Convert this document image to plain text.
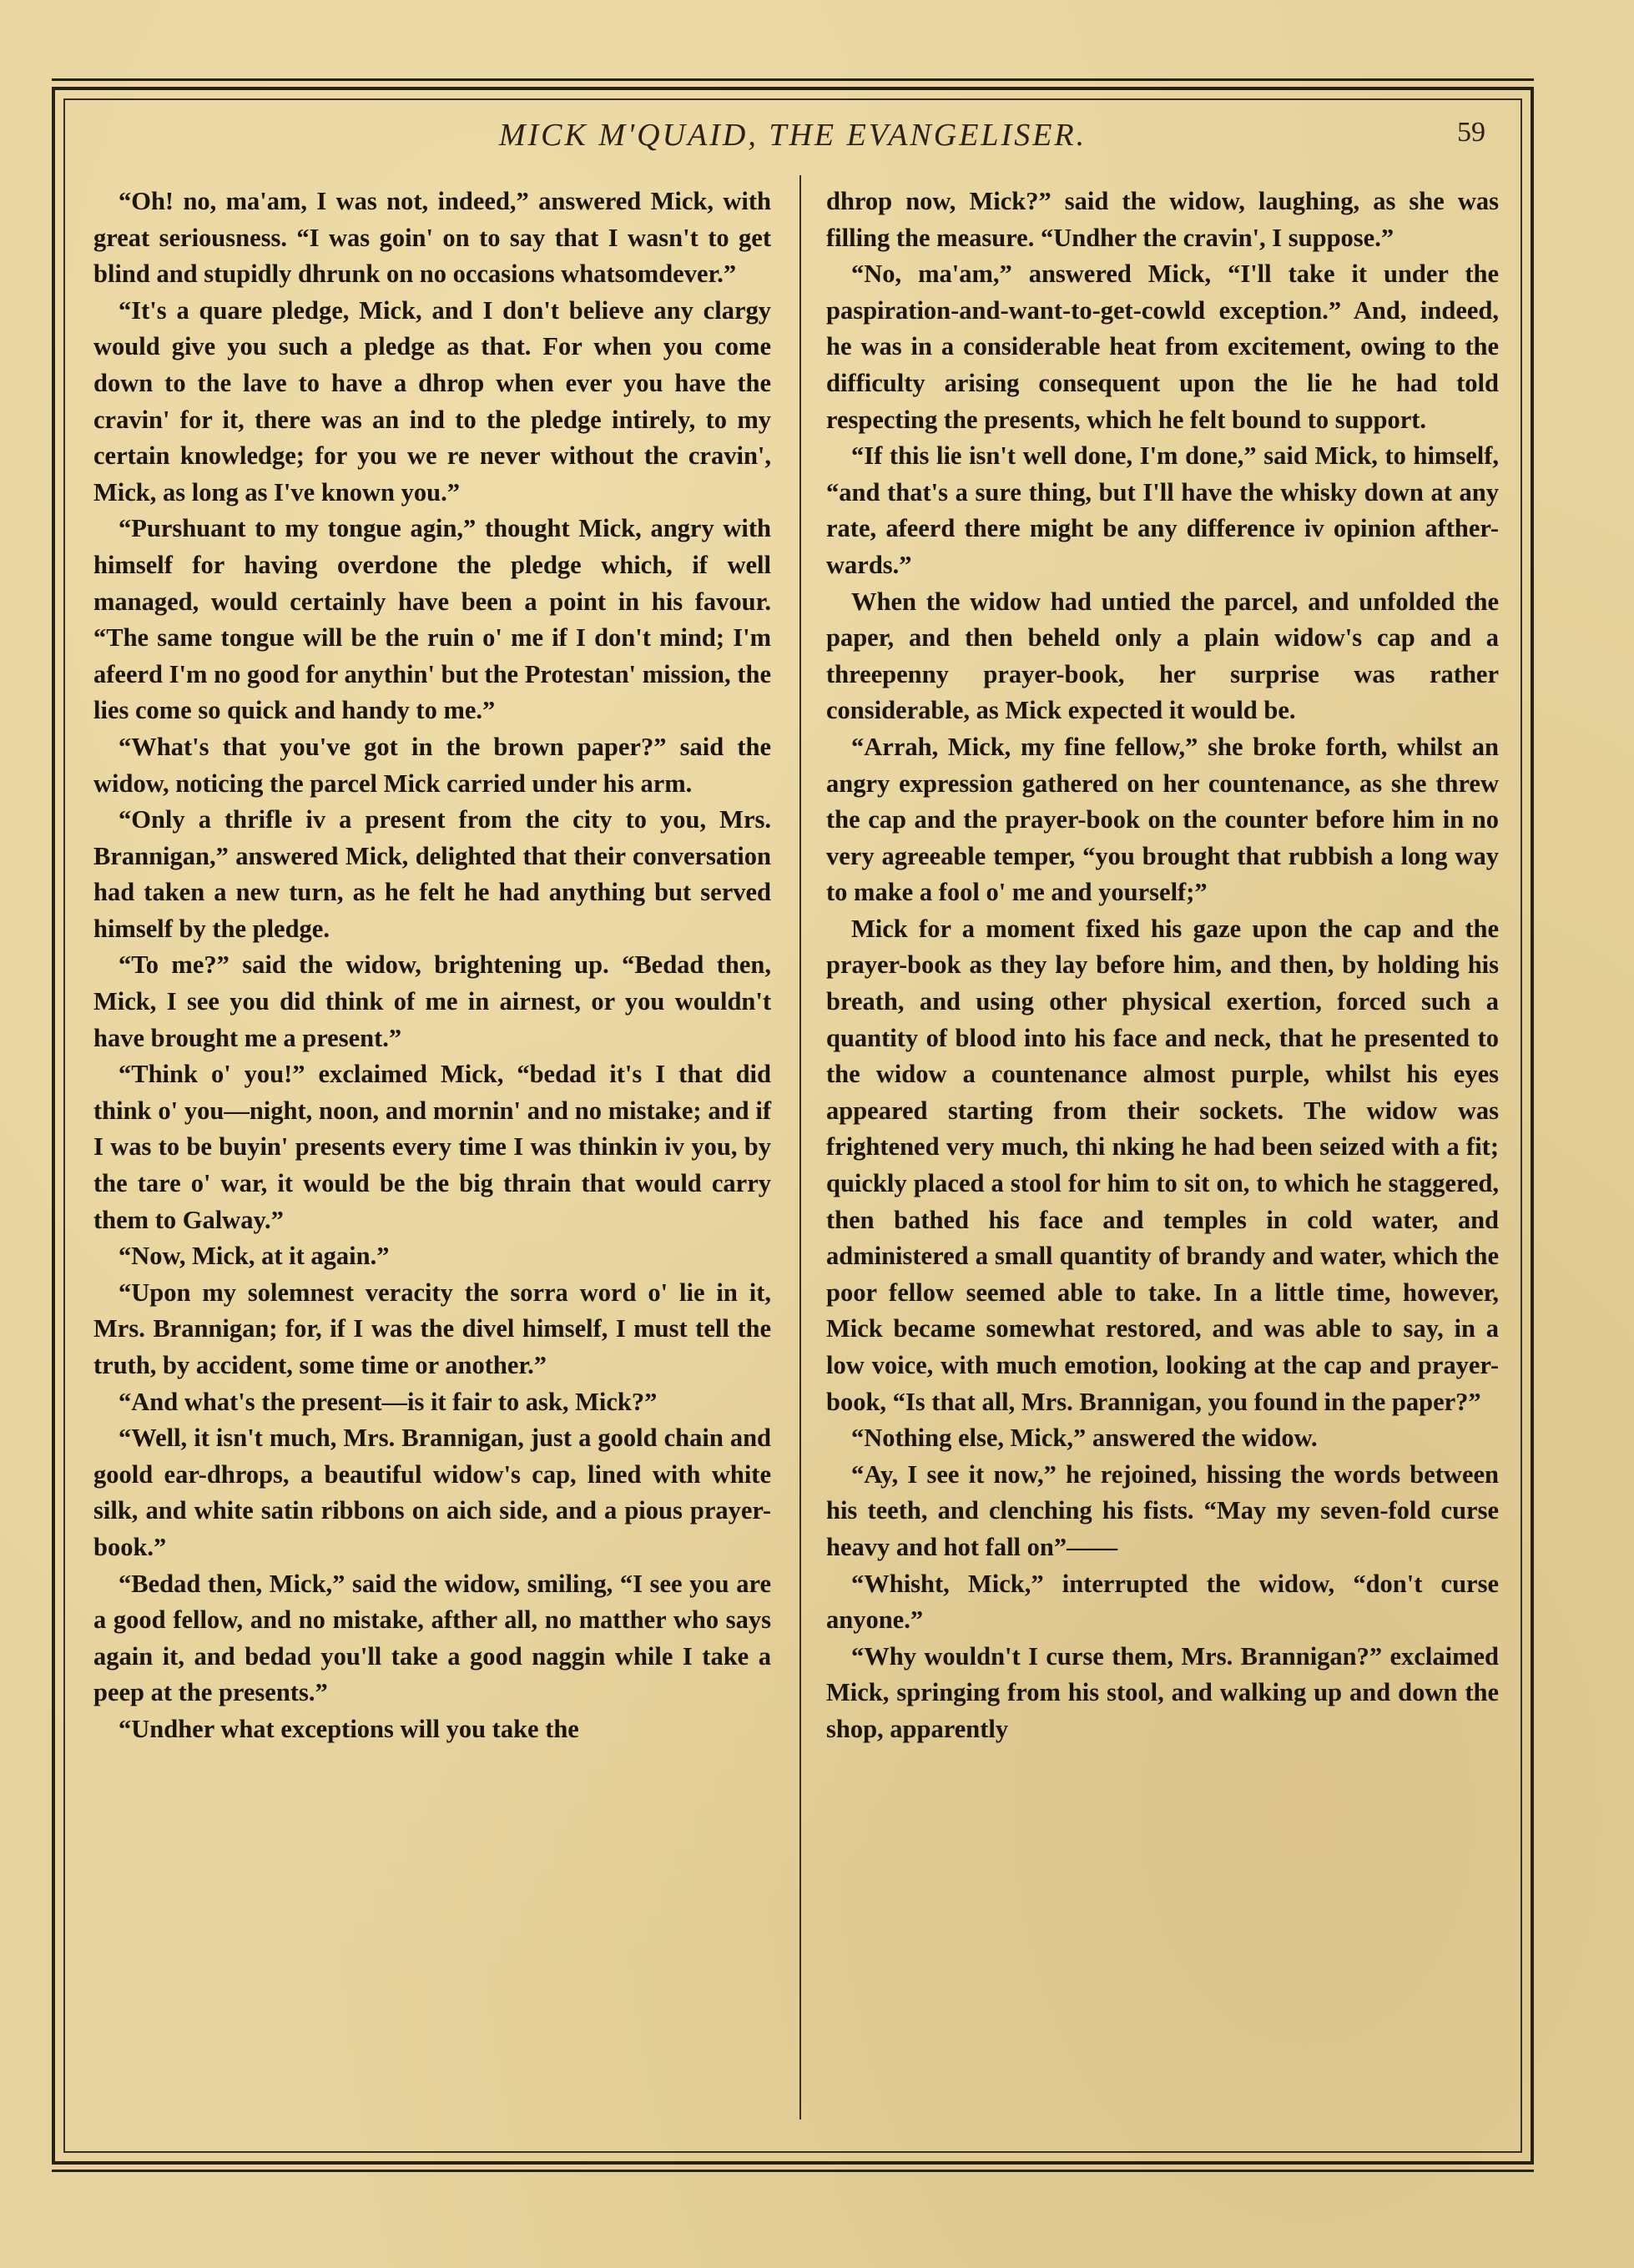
MICK M'QUAID, THE EVANGELISER.	59

“Oh! no, ma'am, I was not, indeed,” answered Mick, with great seriousness. “I was goin' on to say that I wasn't to get blind and stupidly dhrunk on no occasions whatsomdever.”

“It's a quare pledge, Mick, and I don't believe any clargy would give you such a pledge as that. For when you come down to the lave to have a dhrop when ever you have the cravin' for it, there was an ind to the pledge intirely, to my certain knowledge; for you we re never without the cravin', Mick, as long as I've known you.”

“Purshuant to my tongue agin,” thought Mick, angry with himself for having overdone the pledge which, if well managed, would certainly have been a point in his favour. “The same tongue will be the ruin o' me if I don't mind; I'm afeerd I'm no good for anythin' but the Protestan' mission, the lies come so quick and handy to me.”

“What's that you've got in the brown paper?” said the widow, noticing the parcel Mick carried under his arm.

“Only a thrifle iv a present from the city to you, Mrs. Brannigan,” answered Mick, delighted that their conversation had taken a new turn, as he felt he had anything but served himself by the pledge.

“To me?” said the widow, brightening up. “Bedad then, Mick, I see you did think of me in airnest, or you wouldn't have brought me a present.”

“Think o' you!” exclaimed Mick, “bedad it's I that did think o' you—night, noon, and mornin' and no mistake; and if I was to be buyin' presents every time I was thinkin iv you, by the tare o' war, it would be the big thrain that would carry them to Galway.”

“Now, Mick, at it again.”

“Upon my solemnest veracity the sorra word o' lie in it, Mrs. Brannigan; for, if I was the divel himself, I must tell the truth, by accident, some time or another.”

“And what's the present—is it fair to ask, Mick?”

“Well, it isn't much, Mrs. Brannigan, just a goold chain and goold ear-dhrops, a beautiful widow's cap, lined with white silk, and white satin ribbons on aich side, and a pious prayer-book.”

“Bedad then, Mick,” said the widow, smiling, “I see you are a good fellow, and no mistake, afther all, no matther who says again it, and bedad you'll take a good naggin while I take a peep at the presents.”

“Undher what exceptions will you take the

dhrop now, Mick?” said the widow, laughing, as she was filling the measure. “Undher the cravin', I suppose.”

“No, ma'am,” answered Mick, “I'll take it under the paspiration-and-want-to-get-cowld exception.” And, indeed, he was in a considerable heat from excitement, owing to the difficulty arising consequent upon the lie he had told respecting the presents, which he felt bound to support.

“If this lie isn't well done, I'm done,” said Mick, to himself, “and that's a sure thing, but I'll have the whisky down at any rate, afeerd there might be any difference iv opinion afther-wards.”

When the widow had untied the parcel, and unfolded the paper, and then beheld only a plain widow's cap and a threepenny prayer-book, her surprise was rather considerable, as Mick expected it would be.

“Arrah, Mick, my fine fellow,” she broke forth, whilst an angry expression gathered on her countenance, as she threw the cap and the prayer-book on the counter before him in no very agreeable temper, “you brought that rubbish a long way to make a fool o' me and yourself;”

Mick for a moment fixed his gaze upon the cap and the prayer-book as they lay before him, and then, by holding his breath, and using other physical exertion, forced such a quantity of blood into his face and neck, that he presented to the widow a countenance almost purple, whilst his eyes appeared starting from their sockets. The widow was frightened very much, thi nking he had been seized with a fit; quickly placed a stool for him to sit on, to which he staggered, then bathed his face and temples in cold water, and administered a small quantity of brandy and water, which the poor fellow seemed able to take. In a little time, however, Mick became somewhat restored, and was able to say, in a low voice, with much emotion, looking at the cap and prayer-book, “Is that all, Mrs. Brannigan, you found in the paper?”

“Nothing else, Mick,” answered the widow.

“Ay, I see it now,” he rejoined, hissing the words between his teeth, and clenching his fists. “May my seven-fold curse heavy and hot fall on”——

“Whisht, Mick,” interrupted the widow, “don't curse anyone.”

“Why wouldn't I curse them, Mrs. Brannigan?” exclaimed Mick, springing from his stool, and walking up and down the shop, apparently
